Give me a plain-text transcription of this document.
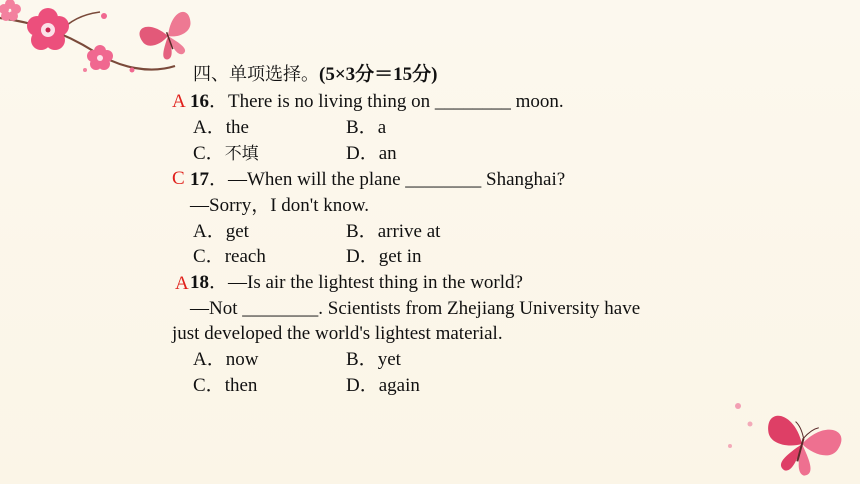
四、单项选择。(5×3分＝15分)
A 16．There is no living thing on ________ moon.
A．the	B．a
C．不填	D．an
C 17．—When will the plane ________ Shanghai?
—Sorry，I don't know.
A．get	B．arrive at
C．reach	D．get in
A 18．—Is air the lightest thing in the world?
—Not ________. Scientists from Zhejiang University have
just developed the world's lightest material.
A．now	B．yet
C．then	D．again
